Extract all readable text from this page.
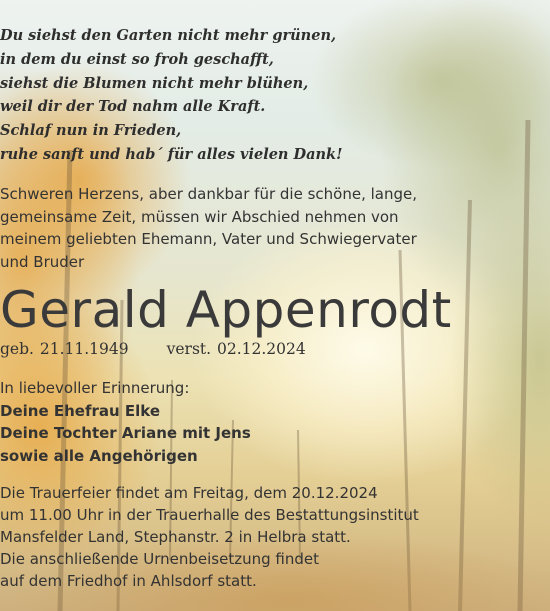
Du siehst den Garten nicht mehr grünen,
in dem du einst so froh geschafft,
siehst die Blumen nicht mehr blühen,
weil dir der Tod nahm alle Kraft.
Schlaf nun in Frieden,
ruhe sanft und hab´ für alles vielen Dank!
Schweren Herzens, aber dankbar für die schöne, lange,
gemeinsame Zeit, müssen wir Abschied nehmen von
meinem geliebten Ehemann, Vater und Schwiegervater
und Bruder
Gerald Appenrodt
geb. 21.11.1949 verst. 02.12.2024
In liebevoller Erinnerung:
Deine Ehefrau Elke
Deine Tochter Ariane mit Jens
sowie alle Angehörigen
Die Trauerfeier findet am Freitag, dem 20.12.2024
um 11.00 Uhr in der Trauerhalle des Bestattungsinstitut
Mansfelder Land, Stephanstr. 2 in Helbra statt.
Die anschließende Urnenbeisetzung findet
auf dem Friedhof in Ahlsdorf statt.
